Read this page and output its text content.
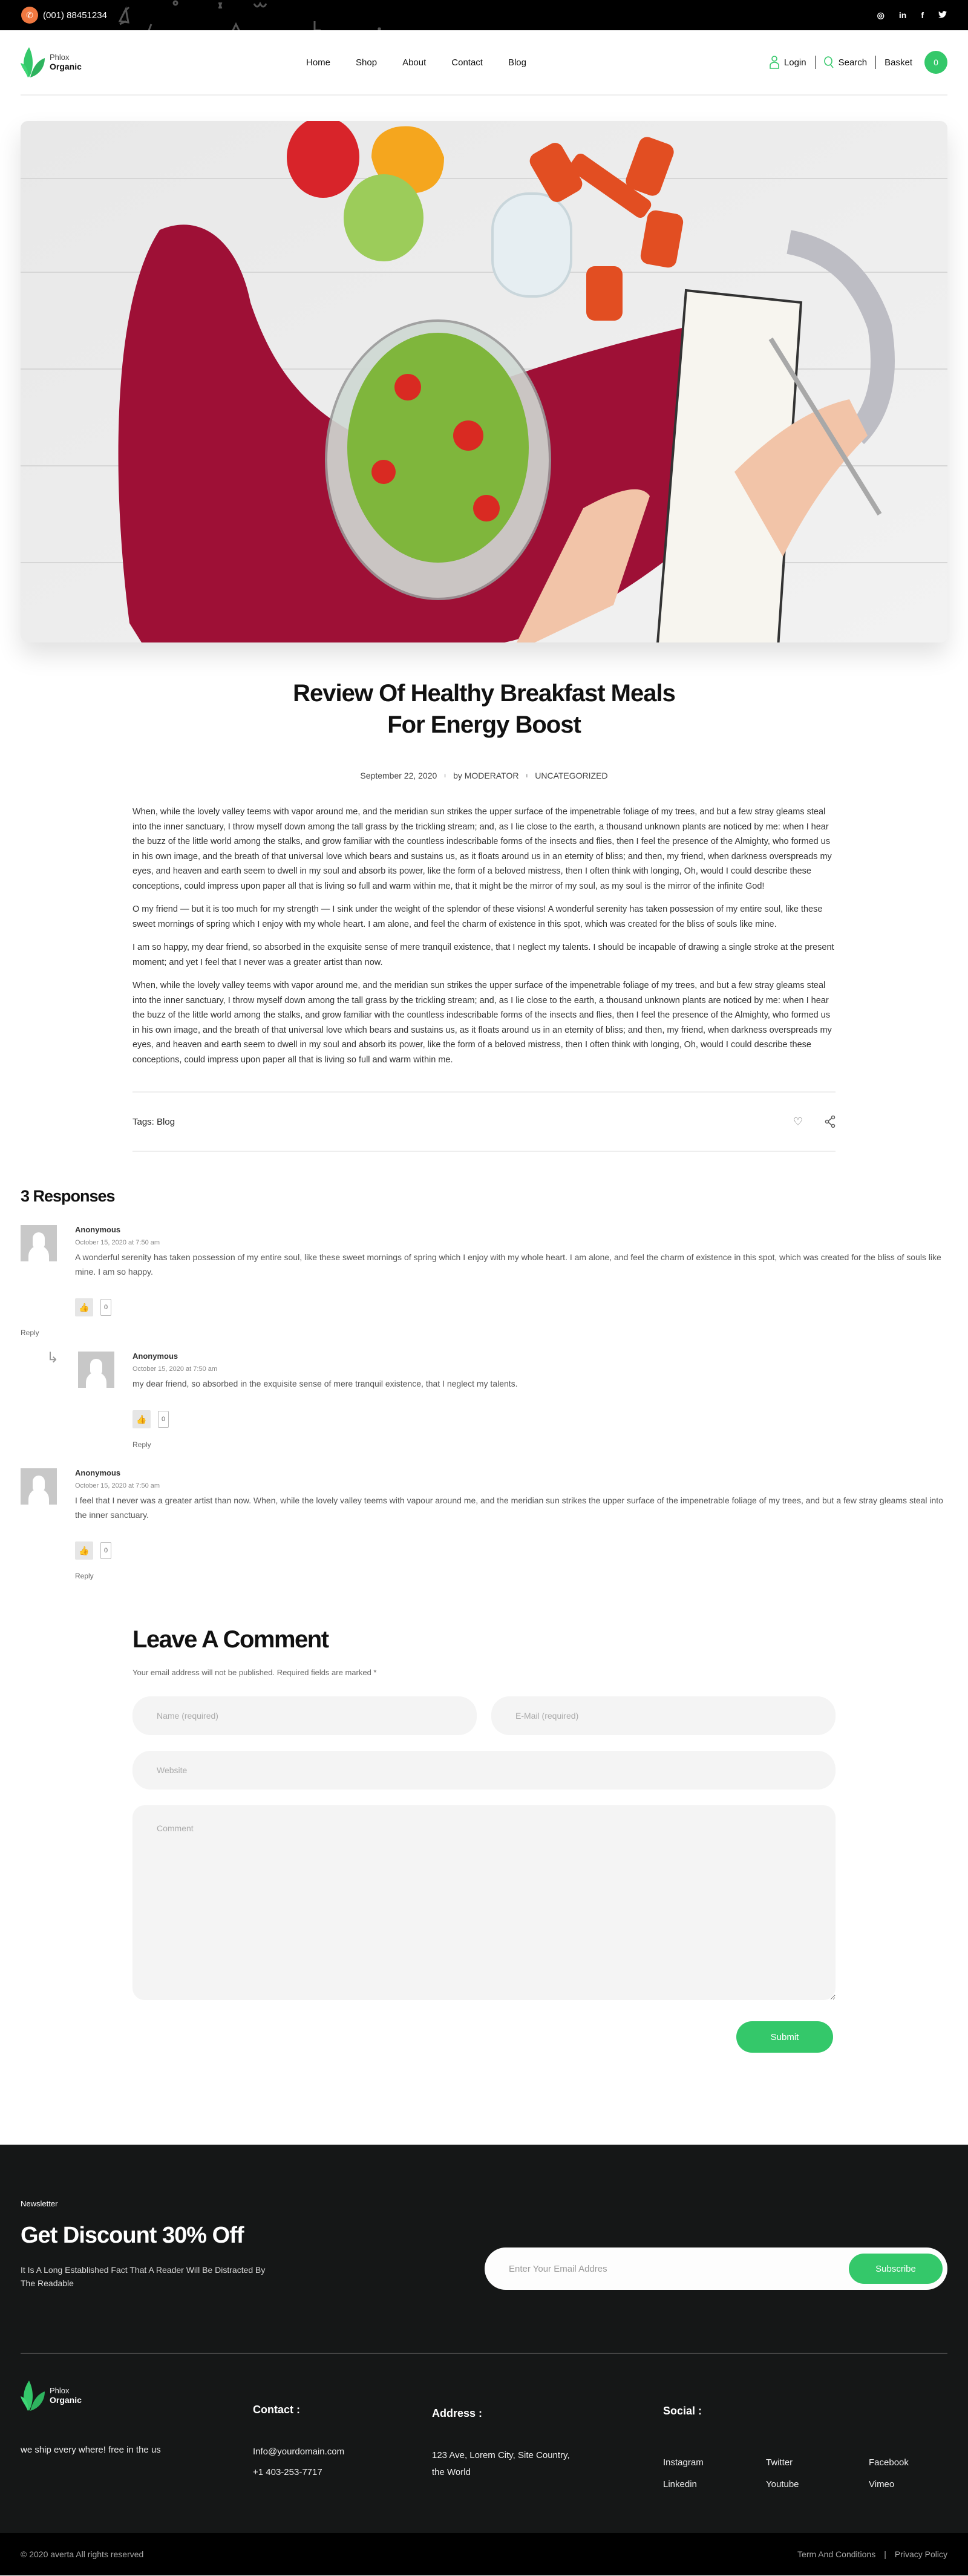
✆	(001) 88451234	◎ in f
Phlox
Organic	Home	Shop	About	Contact	Blog	Login	Search Basket	0
Review Of Healthy Breakfast Meals For Energy Boost
September 22, 2020 ı by MODERATOR ı UNCATEGORIZED

When, while the lovely valley teems with vapor around me, and the meridian sun strikes the upper surface of the impenetrable foliage of my trees, and but a few stray gleams steal into the inner sanctuary, I throw myself down among the tall grass by the trickling stream; and, as I lie close to the earth, a thousand unknown plants are noticed by me: when I hear the buzz of the little world among the stalks, and grow familiar with the countless indescribable forms of the insects and flies, then I feel the presence of the Almighty, who formed us in his own image, and the breath of that universal love which bears and sustains us, as it floats around us in an eternity of bliss; and then, my friend, when darkness overspreads my eyes, and heaven and earth seem to dwell in my soul and absorb its power, like the form of a beloved mistress, then I often think with longing, Oh, would I could describe these conceptions, could impress upon paper all that is living so full and warm within me, that it might be the mirror of my soul, as my soul is the mirror of the infinite God!

O my friend — but it is too much for my strength — I sink under the weight of the splendor of these visions! A wonderful serenity has taken possession of my entire soul, like these sweet mornings of spring which I enjoy with my whole heart. I am alone, and feel the charm of existence in this spot, which was created for the bliss of souls like mine.

I am so happy, my dear friend, so absorbed in the exquisite sense of mere tranquil existence, that I neglect my talents. I should be incapable of drawing a single stroke at the present moment; and yet I feel that I never was a greater artist than now.

When, while the lovely valley teems with vapor around me, and the meridian sun strikes the upper surface of the impenetrable foliage of my trees, and but a few stray gleams steal into the inner sanctuary, I throw myself down among the tall grass by the trickling stream; and, as I lie close to the earth, a thousand unknown plants are noticed by me: when I hear the buzz of the little world among the stalks, and grow familiar with the countless indescribable forms of the insects and flies, then I feel the presence of the Almighty, who formed us in his own image, and the breath of that universal love which bears and sustains us, as it floats around us in an eternity of bliss; and then, my friend, when darkness overspreads my eyes, and heaven and earth seem to dwell in my soul and absorb its power, like the form of a beloved mistress, then I often think with longing, Oh, would I could describe these conceptions, could impress upon paper all that is living so full and warm within me.

Tags: Blog	♡
3 Responses
Anonymous
October 15, 2020 at 7:50 am
A wonderful serenity has taken possession of my entire soul, like these sweet mornings of spring which I enjoy with my whole heart. I am alone, and feel the charm of existence in this spot, which was created for the bliss of souls like mine. I am so happy.
👍	0
Reply
↳	Anonymous
October 15, 2020 at 7:50 am
my dear friend, so absorbed in the exquisite sense of mere tranquil existence, that I neglect my talents.
👍	0
Reply
Anonymous
October 15, 2020 at 7:50 am
I feel that I never was a greater artist than now. When, while the lovely valley teems with vapour around me, and the meridian sun strikes the upper surface of the impenetrable foliage of my trees, and but a few stray gleams steal into the inner sanctuary.
👍	0
Reply
Leave A Comment
Your email address will not be published. Required fields are marked *
Name (required)
E-Mail (required)
Website
Comment
Submit
Newsletter
Get Discount 30% Off
It Is A Long Established Fact That A Reader Will Be Distracted By The Readable
Enter Your Email Addres
Subscribe
Phlox
Organic
we ship every where! free in the us
Contact :
Info@yourdomain.com
+1 403-253-7717
Address :
123 Ave, Lorem City, Site Country,
the World
Social :
Instagram	Twitter	Facebook
Linkedin	Youtube	Vimeo
© 2020 averta All rights reserved	Term And Conditions | Privacy Policy
